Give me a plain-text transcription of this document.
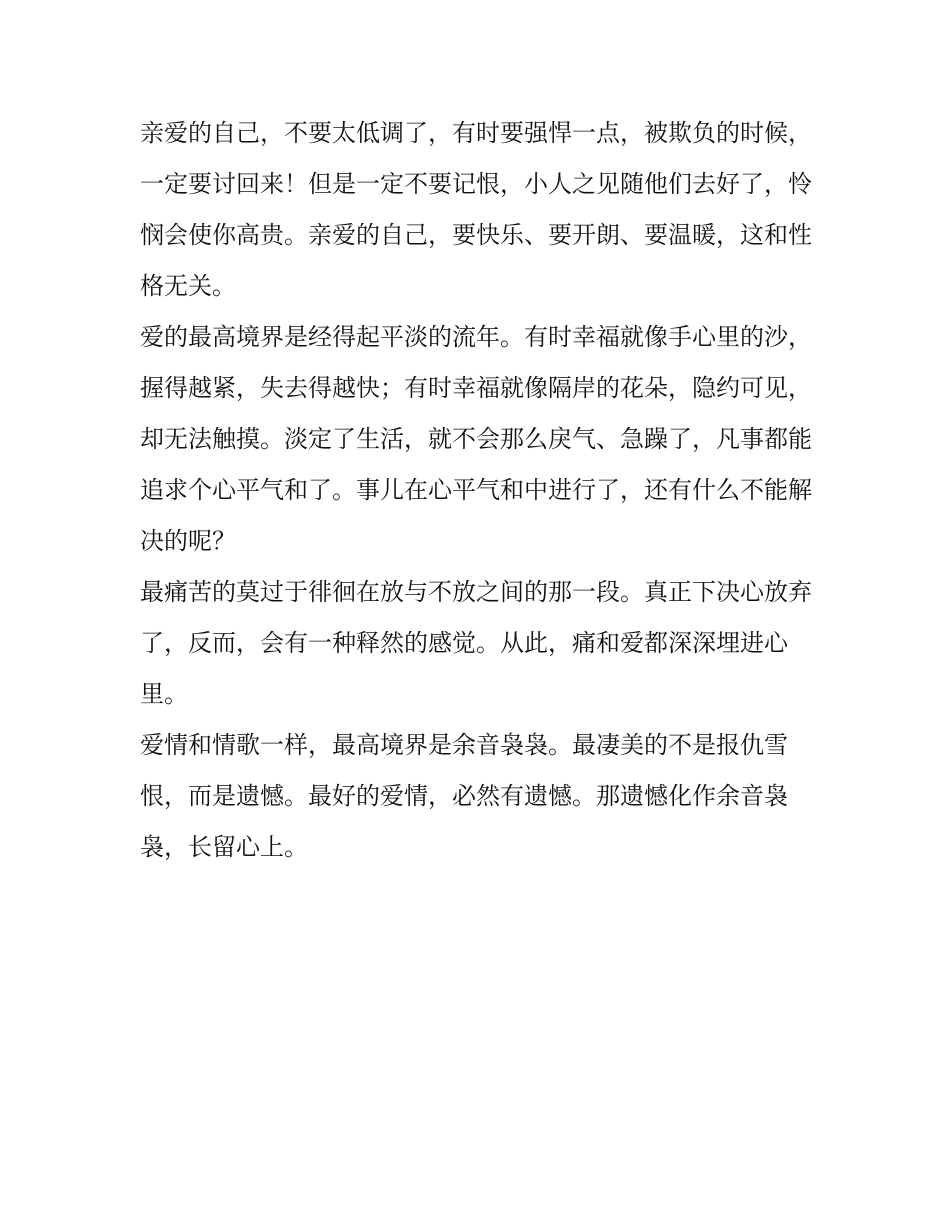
亲爱的自己，不要太低调了，有时要强悍一点，被欺负的时候，一定要讨回来！但是一定不要记恨，小人之见随他们去好了，怜悯会使你高贵。亲爱的自己，要快乐、要开朗、要温暖，这和性格无关。

爱的最高境界是经得起平淡的流年。有时幸福就像手心里的沙，握得越紧，失去得越快；有时幸福就像隔岸的花朵，隐约可见，却无法触摸。淡定了生活，就不会那么戾气、急躁了，凡事都能追求个心平气和了。事儿在心平气和中进行了，还有什么不能解决的呢？

最痛苦的莫过于徘徊在放与不放之间的那一段。真正下决心放弃了，反而，会有一种释然的感觉。从此，痛和爱都深深埋进心里。

爱情和情歌一样，最高境界是余音袅袅。最凄美的不是报仇雪恨，而是遗憾。最好的爱情，必然有遗憾。那遗憾化作余音袅袅，长留心上。
